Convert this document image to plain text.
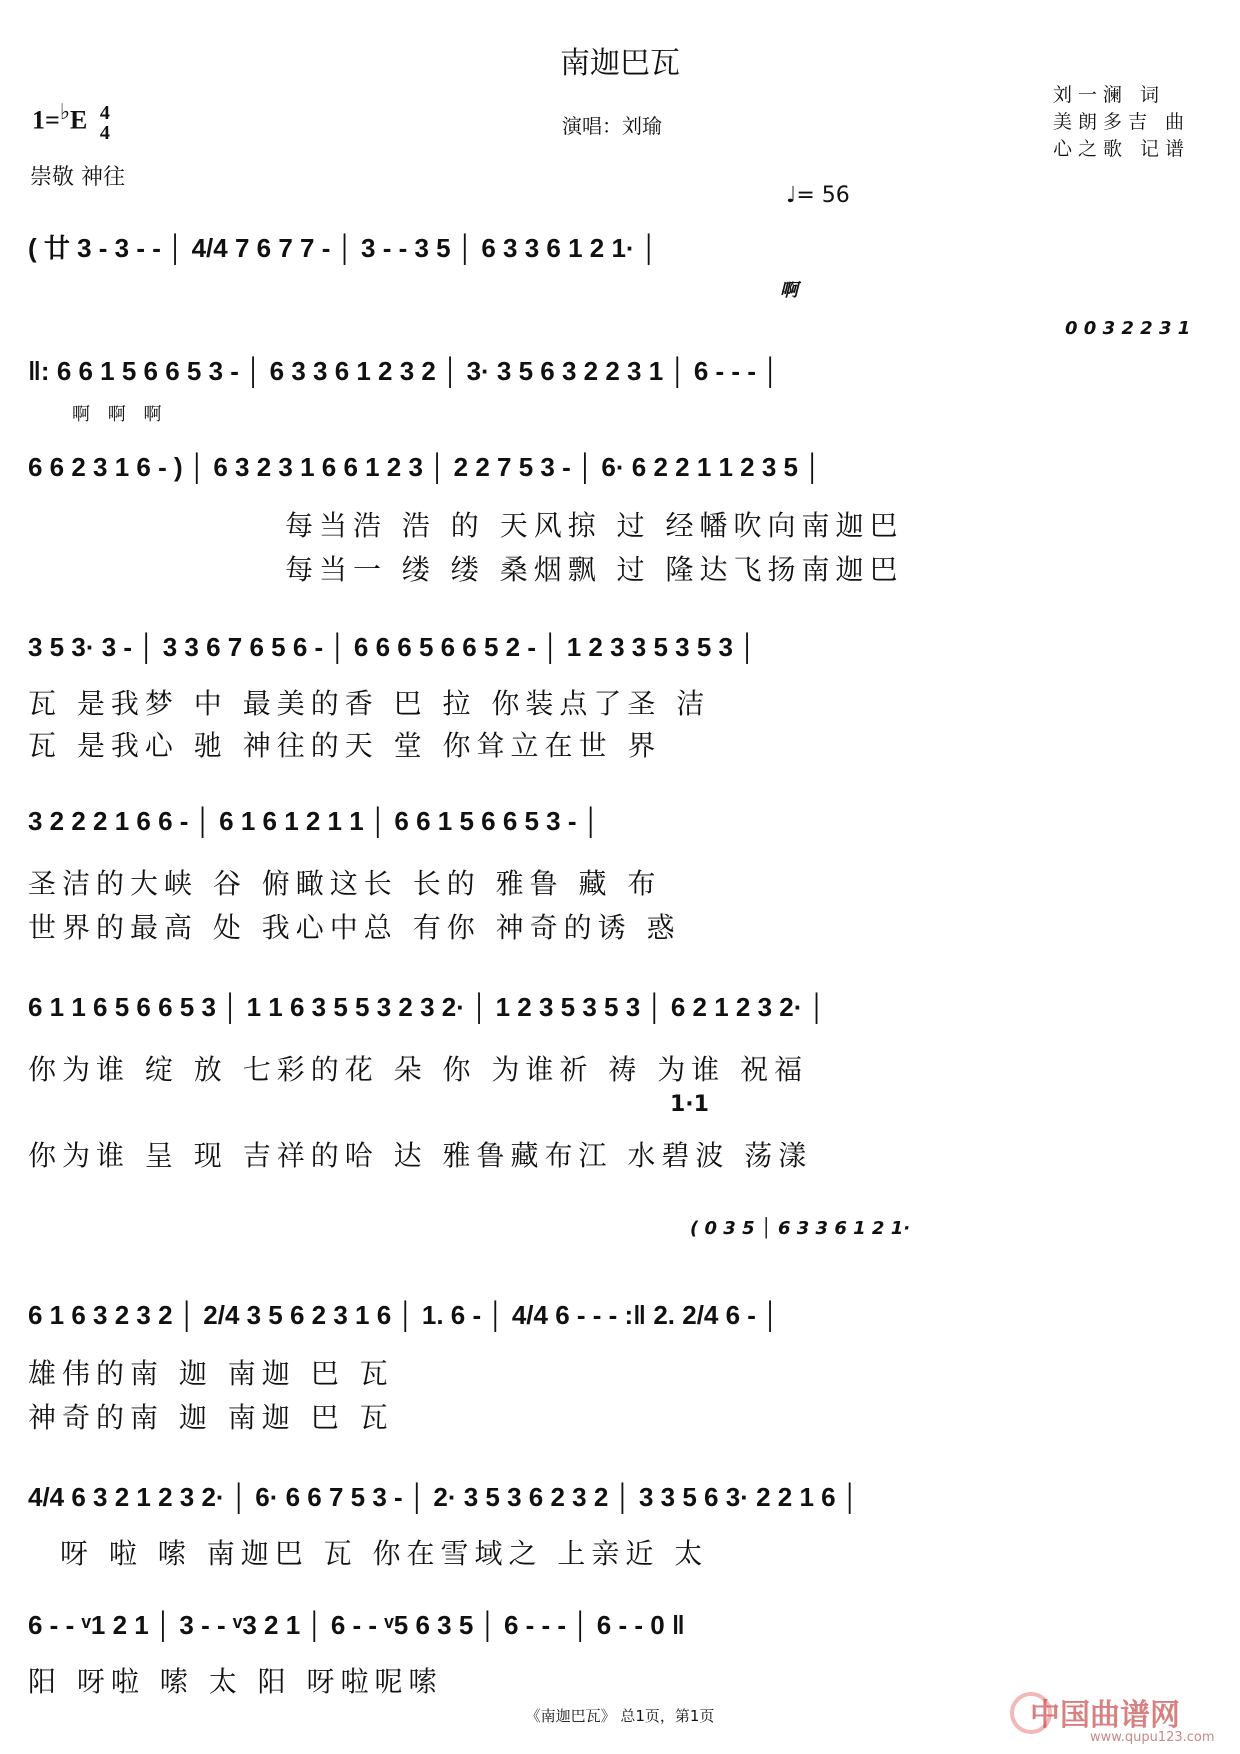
南迦巴瓦
1=♭E 4
4
崇敬 神往
演唱：刘瑜
刘一澜 词
美朗多吉 曲
心之歌 记谱
♩= 56
( 廿 3 - 3 - - │ 4/4 7 6 7 7 - │ 3 - - 3 5 │ 6 3 3 6 1 2 1· │
啊
0 0 3 2 2 3 1
‖: 6 6 1 5 6 6 5 3 - │ 6 3 3 6 1 2 3 2 │ 3· 3 5 6 3 2 2 3 1 │ 6 - - - │
啊 啊 啊
6 6 2 3 1 6 - ) │ 6 3 2 3 1 6 6 1 2 3 │ 2 2 7 5 3 - │ 6· 6 2 2 1 1 2 3 5 │
每当浩 浩 的 天风掠 过 经幡吹向南迦巴
每当一 缕 缕 桑烟飘 过 隆达飞扬南迦巴
3 5 3· 3 - │ 3 3 6 7 6 5 6 - │ 6 6 6 5 6 6 5 2 - │ 1 2 3 3 5 3 5 3 │
瓦 是我梦 中 最美的香 巴 拉 你装点了圣 洁
瓦 是我心 驰 神往的天 堂 你耸立在世 界
3 2 2 2 1 6 6 - │ 6 1 6 1 2 1 1 │ 6 6 1 5 6 6 5 3 - │
圣洁的大峡 谷 俯瞰这长 长的 雅鲁 藏 布
世界的最高 处 我心中总 有你 神奇的诱 惑
6 1 1 6 5 6 6 5 3 │ 1 1 6 3 5 5 3 2 3 2· │ 1 2 3 5 3 5 3 │ 6 2 1 2 3 2· │
你为谁 绽 放 七彩的花 朵 你 为谁祈 祷 为谁 祝福
1·1
你为谁 呈 现 吉祥的哈 达 雅鲁藏布江 水碧波 荡漾
( 0 3 5 │ 6 3 3 6 1 2 1·
6 1 6 3 2 3 2 │ 2/4 3 5 6 2 3 1 6 │ 1. 6 - │ 4/4 6 - - - :‖ 2. 2/4 6 - │
雄伟的南 迦 南迦 巴 瓦
神奇的南 迦 南迦 巴 瓦
4/4 6 3 2 1 2 3 2· │ 6· 6 6 7 5 3 - │ 2· 3 5 3 6 2 3 2 │ 3 3 5 6 3· 2 2 1 6 │
呀 啦 嗦 南迦巴 瓦 你在雪域之 上亲近 太
6 - - ᵛ1 2 1 │ 3 - - ᵛ3 2 1 │ 6 - - ᵛ5 6 3 5 │ 6 - - - │ 6 - - 0 ‖
阳 呀啦 嗦 太 阳 呀啦呢嗦
《南迦巴瓦》 总1页，第1页	中国曲谱网
www.qupu123.com
